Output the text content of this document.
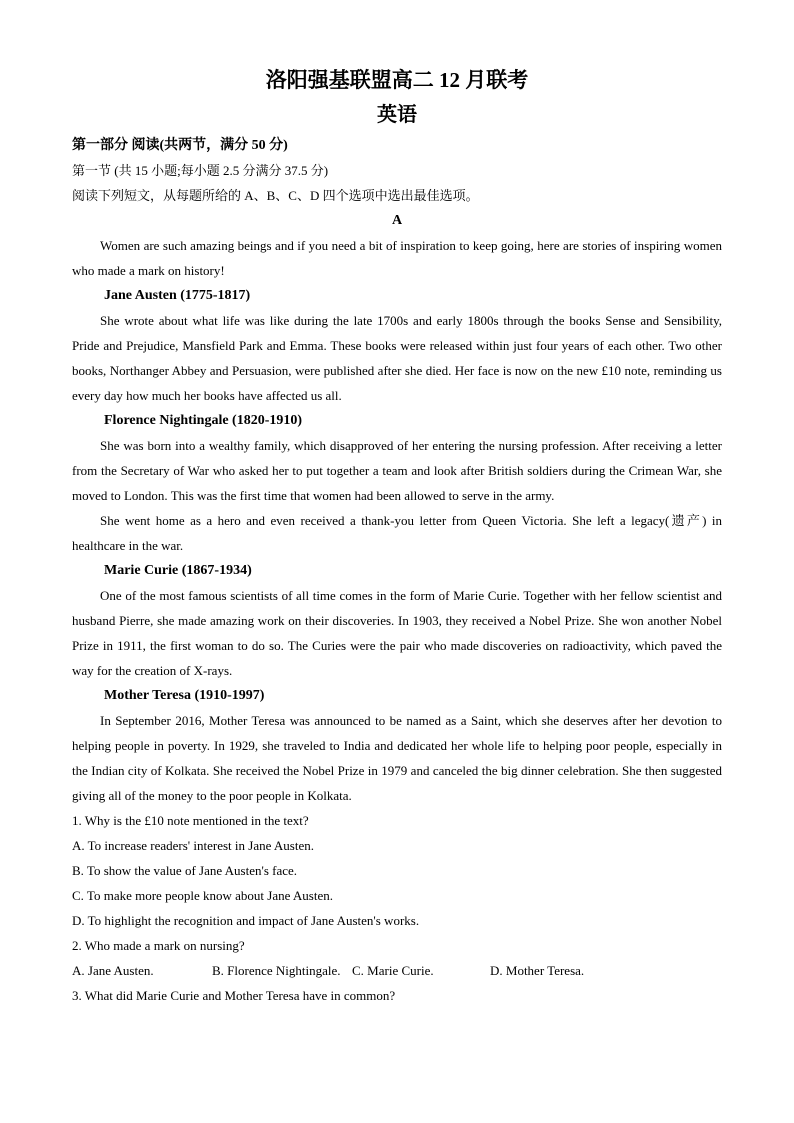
洛阳强基联盟高二 12 月联考
英语

第一部分 阅读(共两节，满分 50 分)

第一节 (共 15 小题;每小题 2.5 分满分 37.5 分)

阅读下列短文，从每题所给的 A、B、C、D 四个选项中选出最佳选项。

A

Women are such amazing beings and if you need a bit of inspiration to keep going, here are stories of inspiring women who made a mark on history!

Jane Austen (1775-1817)

She wrote about what life was like during the late 1700s and early 1800s through the books Sense and Sensibility, Pride and Prejudice, Mansfield Park and Emma. These books were released within just four years of each other. Two other books, Northanger Abbey and Persuasion, were published after she died. Her face is now on the new £10 note, reminding us every day how much her books have affected us all.

Florence Nightingale (1820-1910)

She was born into a wealthy family, which disapproved of her entering the nursing profession. After receiving a letter from the Secretary of War who asked her to put together a team and look after British soldiers during the Crimean War, she moved to London. This was the first time that women had been allowed to serve in the army.

She went home as a hero and even received a thank-you letter from Queen Victoria. She left a legacy(遗产) in healthcare in the war.

Marie Curie (1867-1934)

One of the most famous scientists of all time comes in the form of Marie Curie. Together with her fellow scientist and husband Pierre, she made amazing work on their discoveries. In 1903, they received a Nobel Prize. She won another Nobel Prize in 1911, the first woman to do so. The Curies were the pair who made discoveries on radioactivity, which paved the way for the creation of X-rays.

Mother Teresa (1910-1997)

In September 2016, Mother Teresa was announced to be named as a Saint, which she deserves after her devotion to helping people in poverty. In 1929, she traveled to India and dedicated her whole life to helping poor people, especially in the Indian city of Kolkata. She received the Nobel Prize in 1979 and canceled the big dinner celebration. She then suggested giving all of the money to the poor people in Kolkata.

1. Why is the £10 note mentioned in the text?

A. To increase readers' interest in Jane Austen.

B. To show the value of Jane Austen's face.

C. To make more people know about Jane Austen.

D. To highlight the recognition and impact of Jane Austen's works.

2. Who made a mark on nursing?

A. Jane Austen.	B. Florence Nightingale. C. Marie Curie.	D. Mother Teresa.

3. What did Marie Curie and Mother Teresa have in common?
